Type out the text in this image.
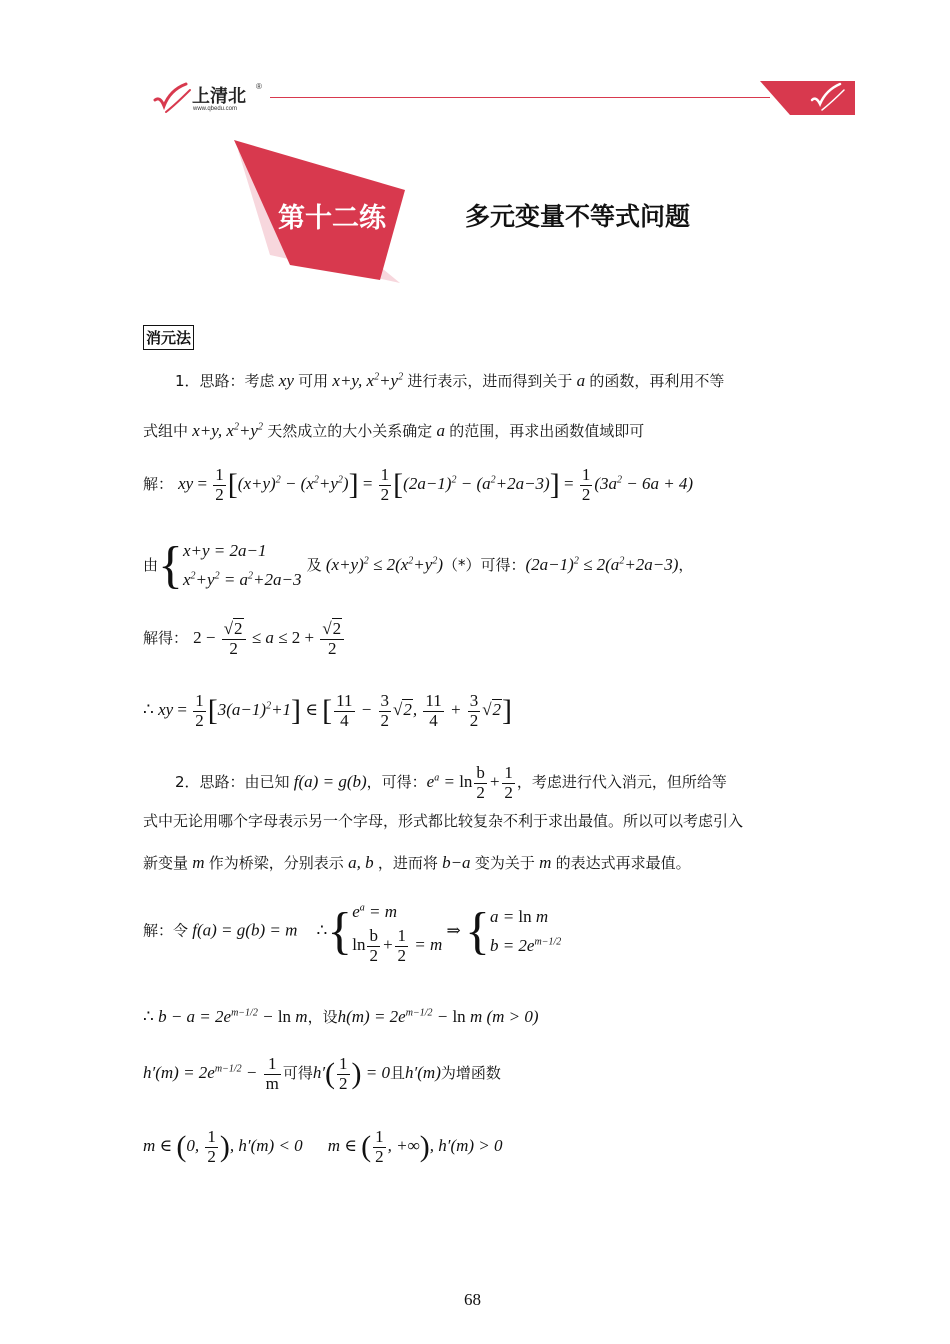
上清北 ®
www.qbedu.com
第十二练	多元变量不等式问题
消元法
1．思路：考虑 xy 可用 x+y, $x^2+y^2$ 进行表示，进而得到关于 a 的函数，再利用不等
式组中 x+y, $x^2+y^2$ 天然成立的大小关系确定 a 的范围，再求出函数值域即可
解： xy = $\frac{1}{2} [(x+y)^2 - (x^2+y^2)] = \frac{1}{2} [(2a-1)^2 - (a^2+2a-3)] = \frac{1}{2} (3a^2 - 6a + 4)$
由{x+y = 2a−1
$x^2+y^2 = a^2+2a-3$ 及 $(x+y)^2 \le 2(x^2+y^2)(*)$可得：$(2a-1)^2 \le 2(a^2+2a-3)$，
解得： $2 - \frac{√2}{2} \le a \le 2 + \frac{√2}{2}$
∴ xy = $\frac{1}{2} [3(a-1)^2+1]$ ∈ [ $\frac{11}{4} - \frac{3}{2} √2$, $\frac{11}{4} + \frac{3}{2} √2$]
2．思路：由已知 f(a) = g(b)，可得：$e^a = \ln \frac{b}{2} + \frac{1}{2}$ ，考虑进行代入消元，但所给等
式中无论用哪个字母表示另一个字母，形式都比较复杂不利于求出最值。所以可以考虑引入
新变量 m 作为桥梁，分别表示 a, b ，进而将 b−a 变为关于 m 的表达式再求最值。
解：令 f(a) = g(b) = m $\therefore\{e^a = m$
$\ln \frac{b}{2} + \frac{1}{2} = m$ ⇒ {a = ln m
$b = 2e^{m-1/2}$
∴ $b - a = 2e^{m-1/2} - \ln m$，设$h(m) = 2e^{m-1/2} - \ln m$ (m > 0)
$h'(m) = 2e^{m-1/2} - \frac{1}{m}$ 可得$h'( \frac{1}{2}$ ) = 0且h′(m)为增函数
m ∈ (0, $\frac{1}{2}$ ), h′(m) < 0 m ∈ ( $\frac{1}{2}$ , +∞), h′(m) > 0
68
